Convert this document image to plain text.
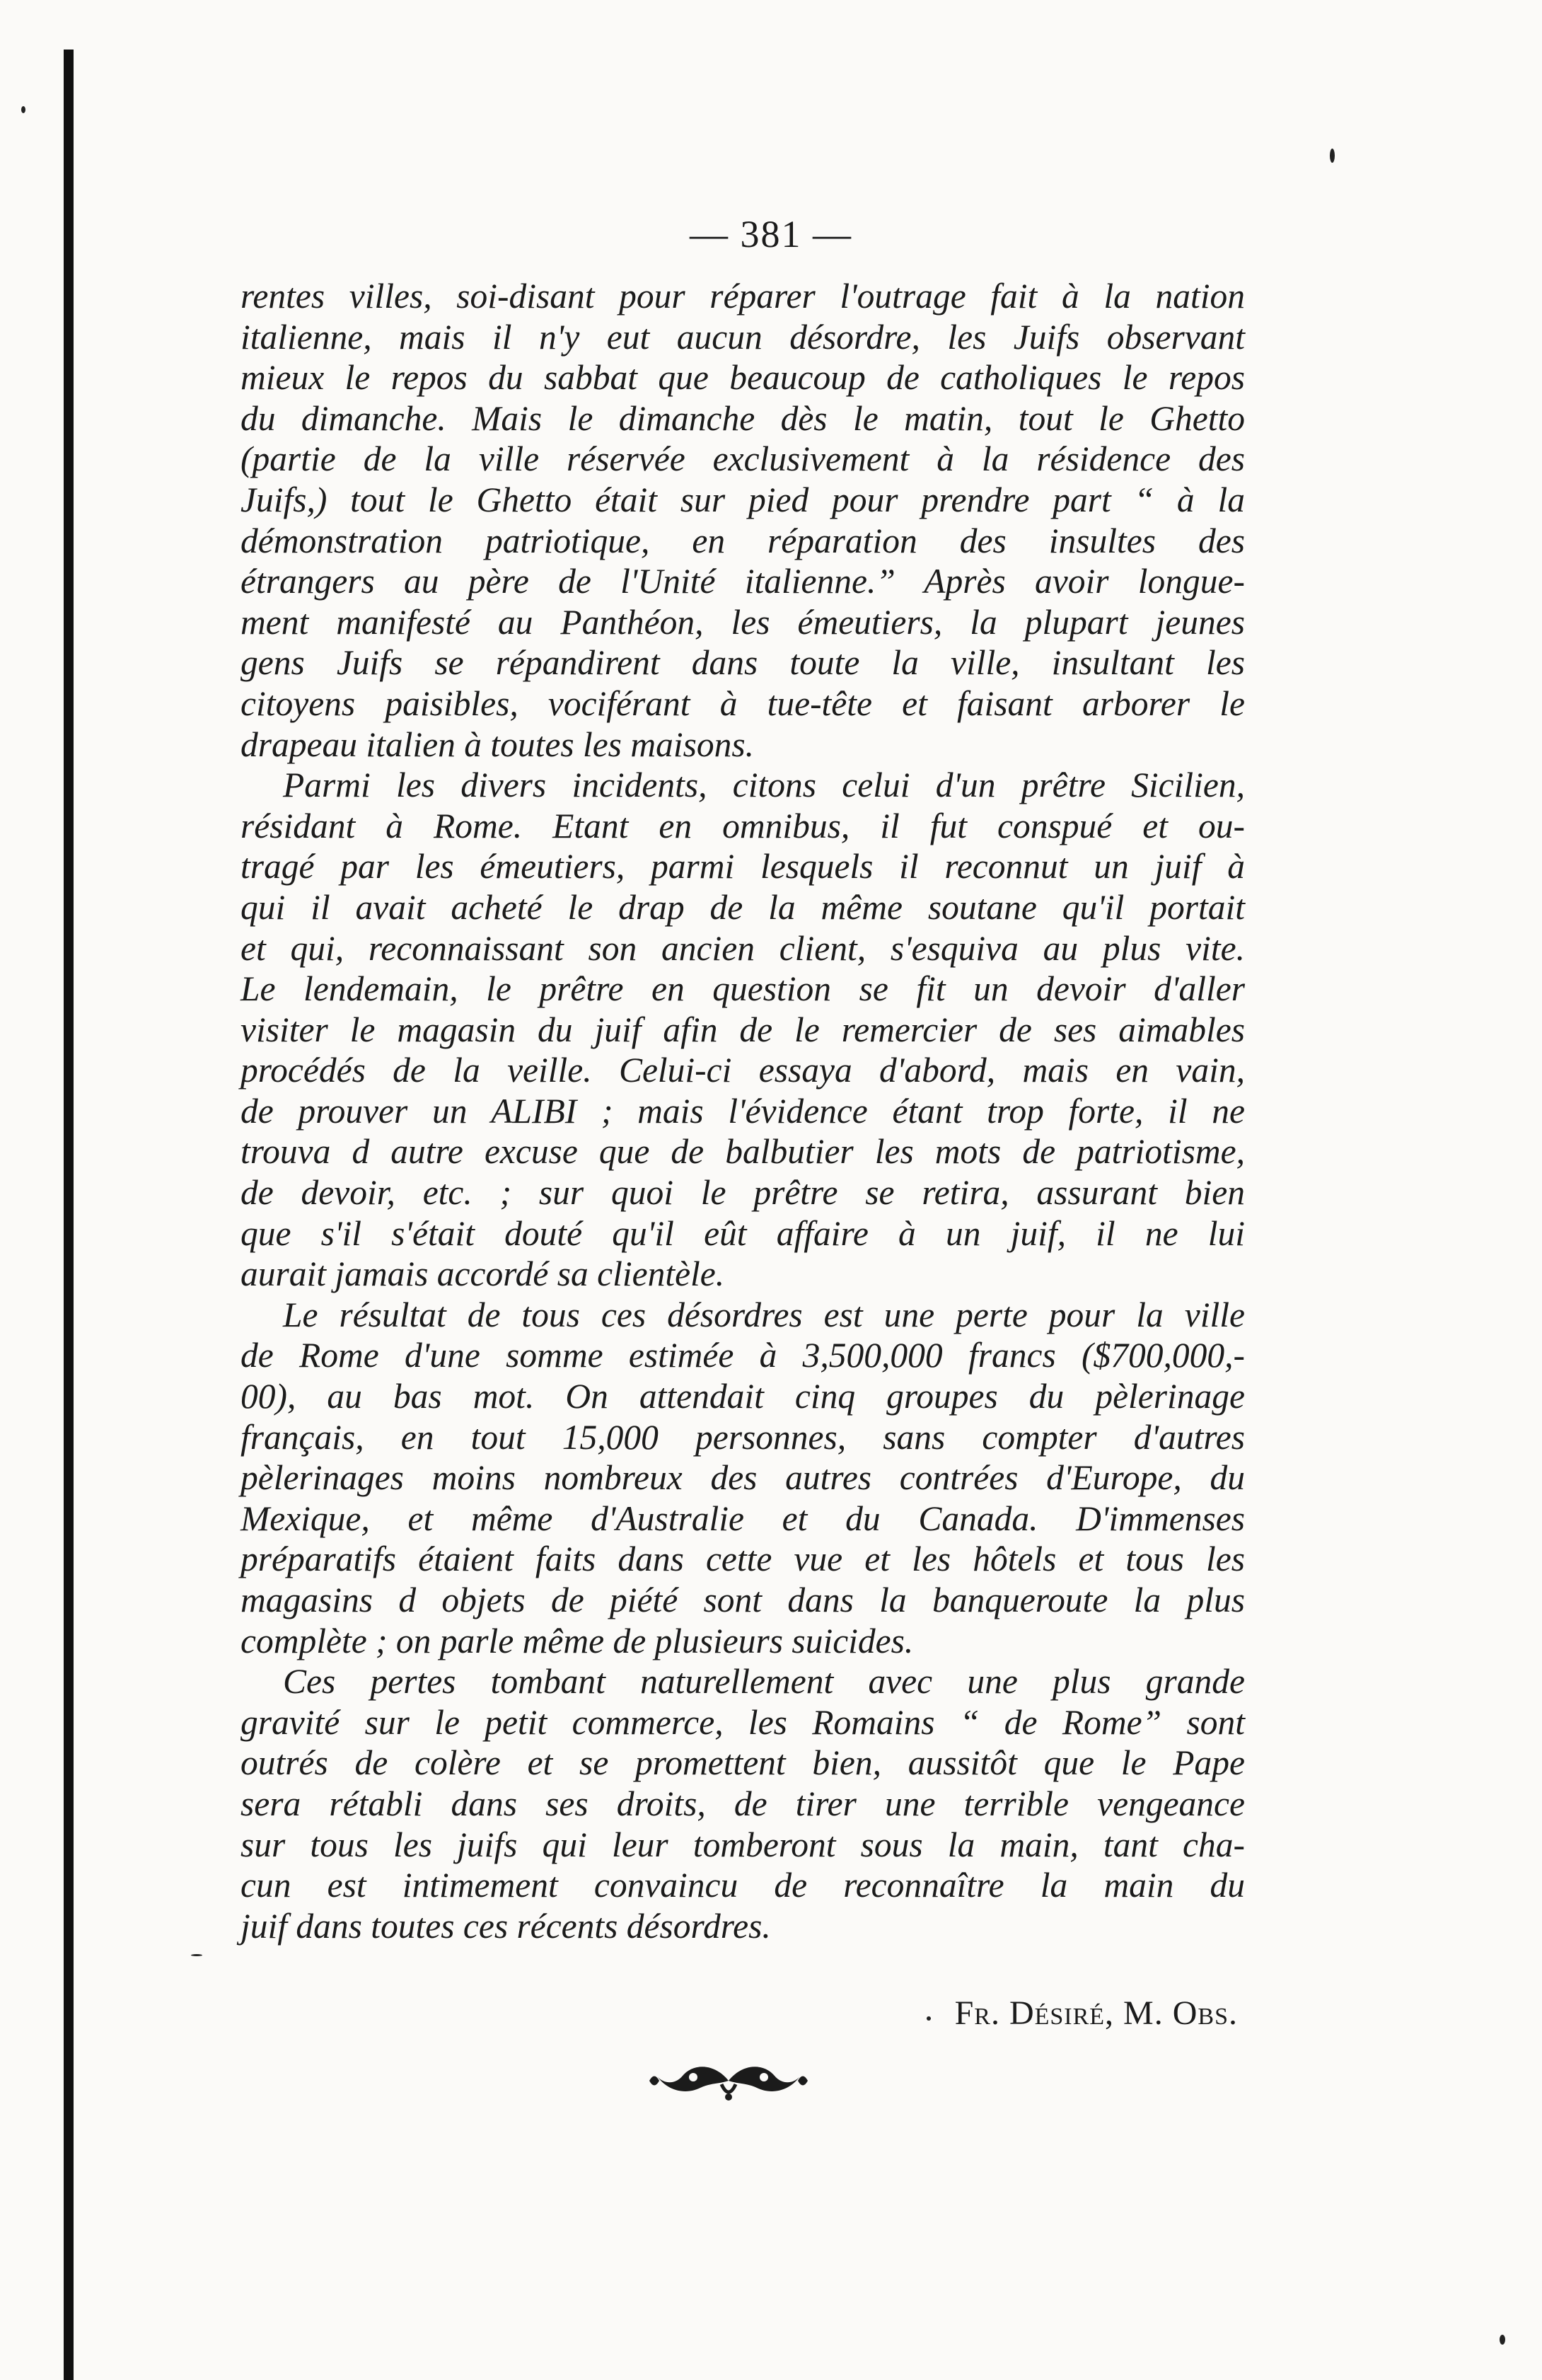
— 381 —
rentes villes, soi-disant pour réparer l'outrage fait à la nation
italienne, mais il n'y eut aucun désordre, les Juifs observant
mieux le repos du sabbat que beaucoup de catholiques le repos
du dimanche. Mais le dimanche dès le matin, tout le Ghetto
(partie de la ville réservée exclusivement à la résidence des
Juifs,) tout le Ghetto était sur pied pour prendre part “ à la
démonstration patriotique, en réparation des insultes des
étrangers au père de l'Unité italienne.” Après avoir longue-
ment manifesté au Panthéon, les émeutiers, la plupart jeunes
gens Juifs se répandirent dans toute la ville, insultant les
citoyens paisibles, vociférant à tue-tête et faisant arborer le
drapeau italien à toutes les maisons.
Parmi les divers incidents, citons celui d'un prêtre Sicilien,
résidant à Rome. Etant en omnibus, il fut conspué et ou-
tragé par les émeutiers, parmi lesquels il reconnut un juif à
qui il avait acheté le drap de la même soutane qu'il portait
et qui, reconnaissant son ancien client, s'esquiva au plus vite.
Le lendemain, le prêtre en question se fit un devoir d'aller
visiter le magasin du juif afin de le remercier de ses aimables
procédés de la veille. Celui-ci essaya d'abord, mais en vain,
de prouver un ALIBI ; mais l'évidence étant trop forte, il ne
trouva d autre excuse que de balbutier les mots de patriotisme,
de devoir, etc. ; sur quoi le prêtre se retira, assurant bien
que s'il s'était douté qu'il eût affaire à un juif, il ne lui
aurait jamais accordé sa clientèle.
Le résultat de tous ces désordres est une perte pour la ville
de Rome d'une somme estimée à 3,500,000 francs ($700,000,-
00), au bas mot. On attendait cinq groupes du pèlerinage
français, en tout 15,000 personnes, sans compter d'autres
pèlerinages moins nombreux des autres contrées d'Europe, du
Mexique, et même d'Australie et du Canada. D'immenses
préparatifs étaient faits dans cette vue et les hôtels et tous les
magasins d objets de piété sont dans la banqueroute la plus
complète ; on parle même de plusieurs suicides.
Ces pertes tombant naturellement avec une plus grande
gravité sur le petit commerce, les Romains “ de Rome” sont
outrés de colère et se promettent bien, aussitôt que le Pape
sera rétabli dans ses droits, de tirer une terrible vengeance
sur tous les juifs qui leur tomberont sous la main, tant cha-
cun est intimement convaincu de reconnaître la main du
juif dans toutes ces récents désordres.
Fr. Désiré, M. Obs.
